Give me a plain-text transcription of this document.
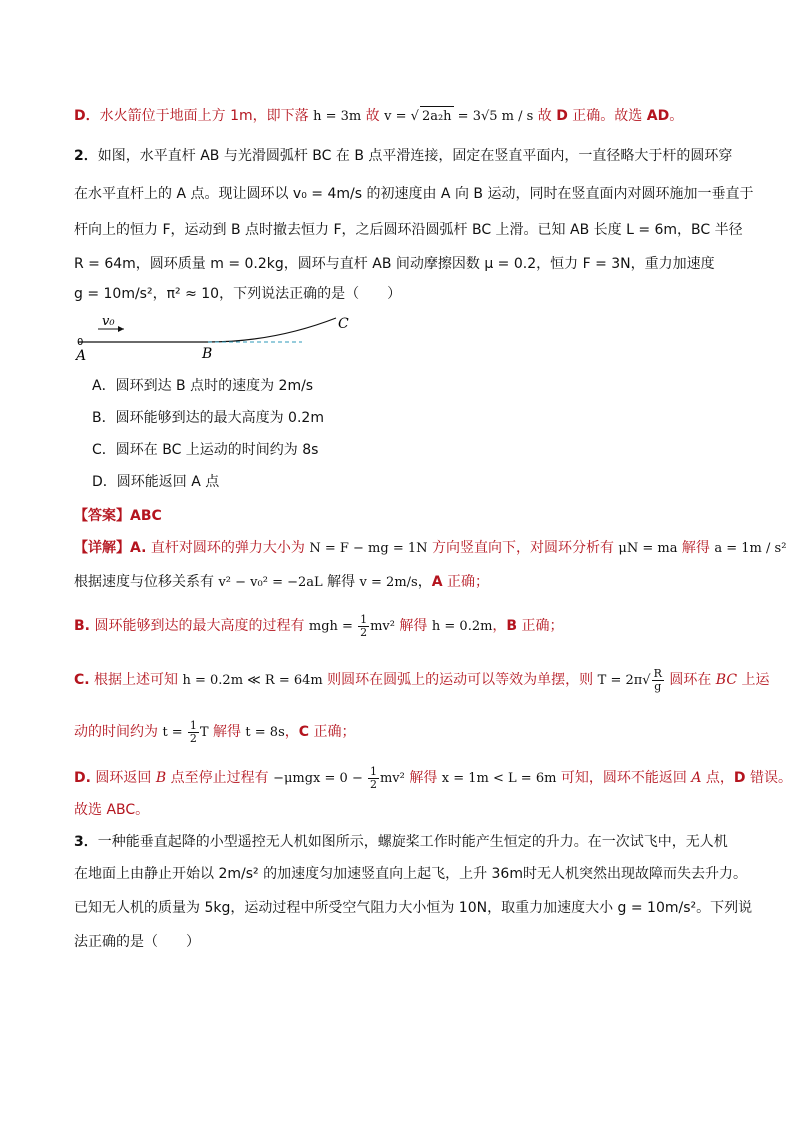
D．水火箭位于地面上方 1m，即下落 h = 3m 故 v = √ 2a₂h = 3√5 m / s 故 D 正确。故选 AD。
2．如图，水平直杆 AB 与光滑圆弧杆 BC 在 B 点平滑连接，固定在竖直平面内，一直径略大于杆的圆环穿
在水平直杆上的 A 点。现让圆环以 v₀ = 4m/s 的初速度由 A 向 B 运动，同时在竖直面内对圆环施加一垂直于
杆向上的恒力 F，运动到 B 点时撤去恒力 F，之后圆环沿圆弧杆 BC 上滑。已知 AB 长度 L = 6m，BC 半径
R = 64m，圆环质量 m = 0.2kg，圆环与直杆 AB 间动摩擦因数 μ = 0.2，恒力 F = 3N，重力加速度
g = 10m/s²，π² ≈ 10，下列说法正确的是（　　）
v₀
0
A	B
C
A．圆环到达 B 点时的速度为 2m/s
B．圆环能够到达的最大高度为 0.2m
C．圆环在 BC 上运动的时间约为 8s
D．圆环能返回 A 点
【答案】ABC
【详解】A. 直杆对圆环的弹力大小为 N = F − mg = 1N 方向竖直向下，对圆环分析有 μN = ma 解得 a = 1m / s²
根据速度与位移关系有 v² − v₀² = −2aL 解得 v = 2m/s，A 正确；
B. 圆环能够到达的最大高度的过程有 mgh = $\frac{1}{2} mv^2$ 解得 h = 0.2m，B 正确；
C. 根据上述可知 h = 0.2m ≪ R = 64m 则圆环在圆弧上的运动可以等效为单摆，则 $T = 2\pi√ \frac{R}{g}$ 圆环在 BC 上运
动的时间约为 $t = \frac{1}{2}$ T 解得 t = 8s，C 正确；
D. 圆环返回 B 点至停止过程有 $-\mu mgx = 0 - \frac{1}{2} mv^2$ 解得 x = 1m < L = 6m 可知，圆环不能返回 A 点，D 错误。
故选 ABC。
3．一种能垂直起降的小型遥控无人机如图所示，螺旋桨工作时能产生恒定的升力。在一次试飞中，无人机
在地面上由静止开始以 2m/s² 的加速度匀加速竖直向上起飞，上升 36m时无人机突然出现故障而失去升力。
已知无人机的质量为 5kg，运动过程中所受空气阻力大小恒为 10N，取重力加速度大小 g = 10m/s²。下列说
法正确的是（　　）
